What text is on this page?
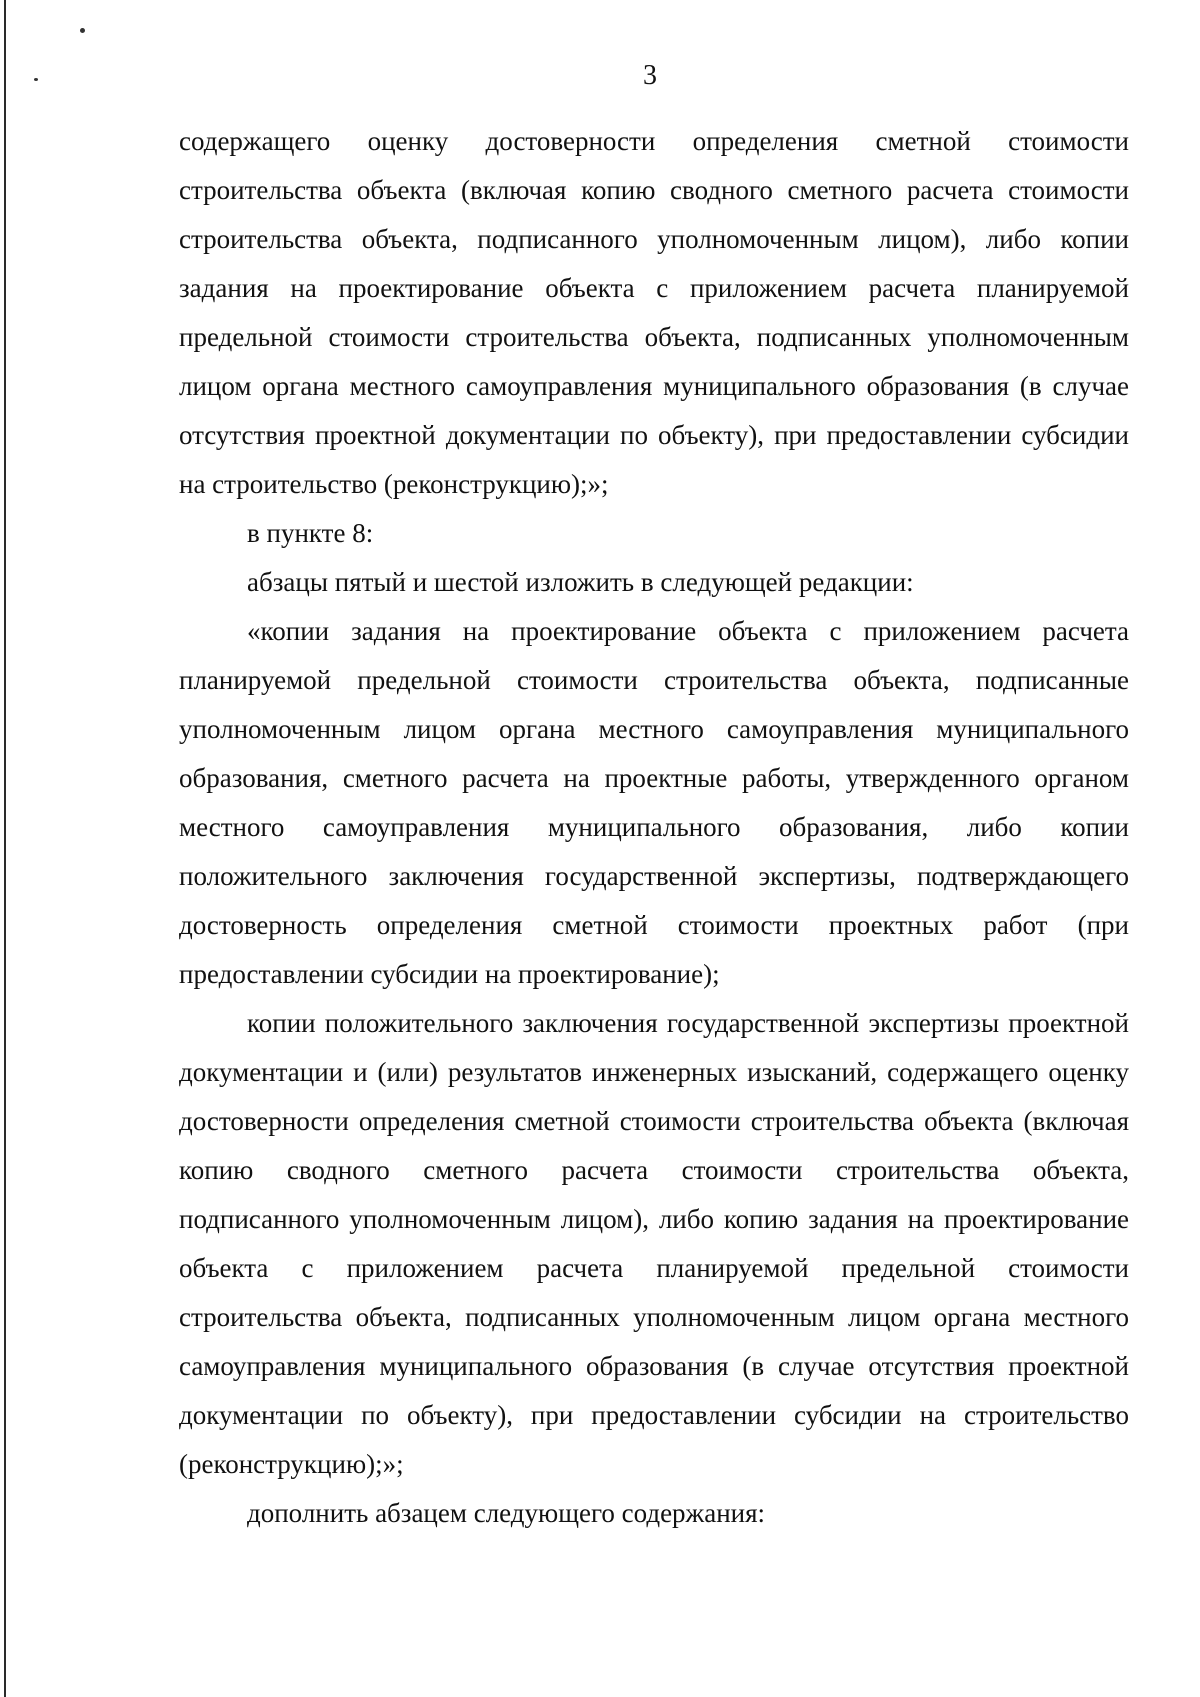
3

содержащего оценку достоверности определения сметной стоимости строительства объекта (включая копию сводного сметного расчета стоимости строительства объекта, подписанного уполномоченным лицом), либо копии задания на проектирование объекта с приложением расчета планируемой предельной стоимости строительства объекта, подписанных уполномоченным лицом органа местного самоуправления муниципального образования (в случае отсутствия проектной документации по объекту), при предоставлении субсидии на строительство (реконструкцию);»;

в пункте 8:

абзацы пятый и шестой изложить в следующей редакции:

«копии задания на проектирование объекта с приложением расчета планируемой предельной стоимости строительства объекта, подписанные уполномоченным лицом органа местного самоуправления муниципального образования, сметного расчета на проектные работы, утвержденного органом местного самоуправления муниципального образования, либо копии положительного заключения государственной экспертизы, подтверждающего достоверность определения сметной стоимости проектных работ (при предоставлении субсидии на проектирование);

копии положительного заключения государственной экспертизы проектной документации и (или) результатов инженерных изысканий, содержащего оценку достоверности определения сметной стоимости строительства объекта (включая копию сводного сметного расчета стоимости строительства объекта, подписанного уполномоченным лицом), либо копию задания на проектирование объекта с приложением расчета планируемой предельной стоимости строительства объекта, подписанных уполномоченным лицом органа местного самоуправления муниципального образования (в случае отсутствия проектной документации по объекту), при предоставлении субсидии на строительство (реконструкцию);»;

дополнить абзацем следующего содержания:
